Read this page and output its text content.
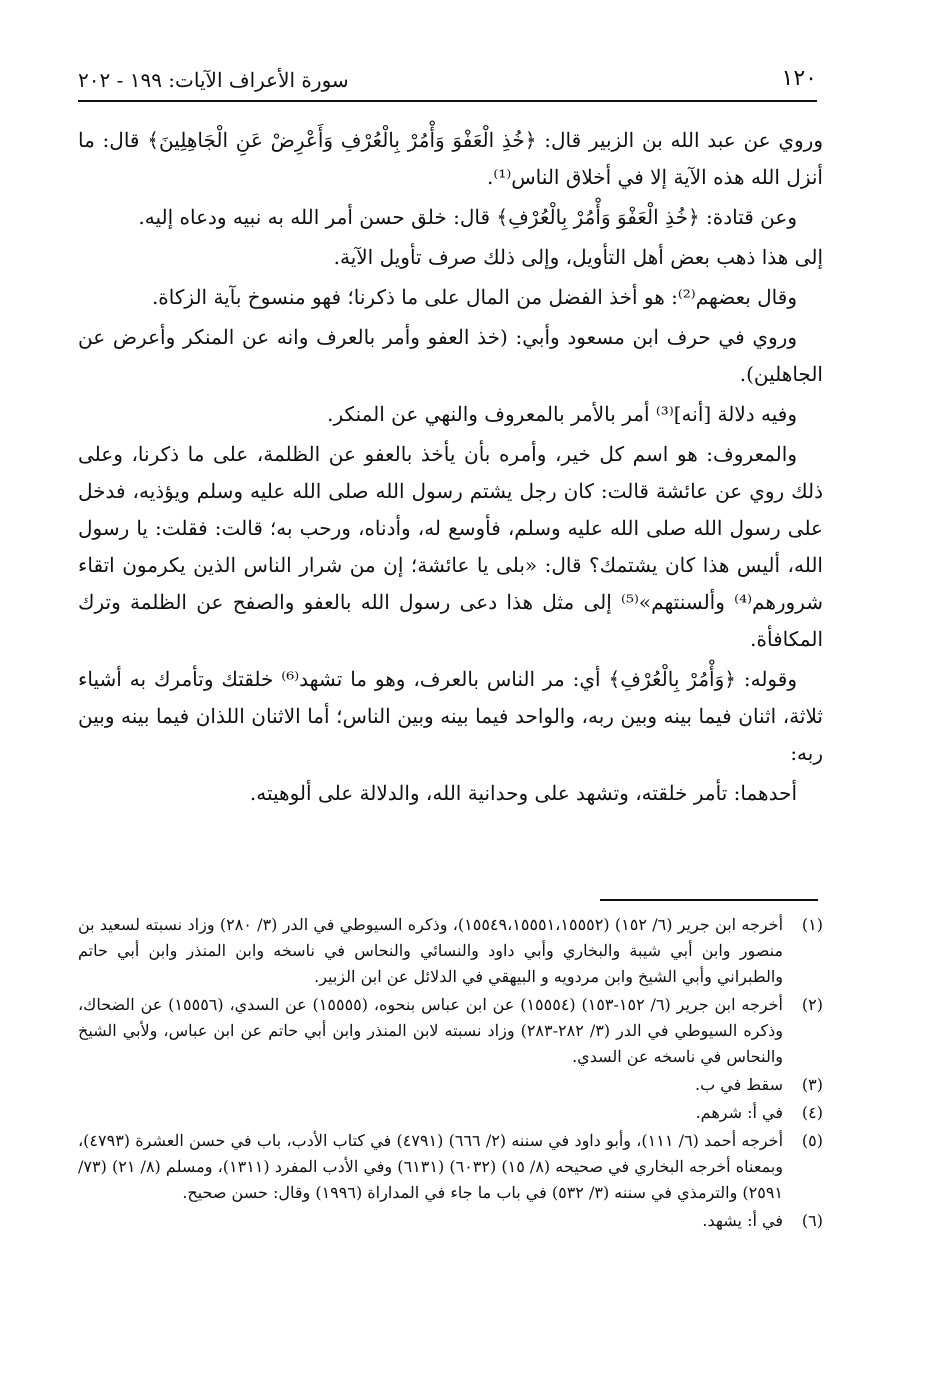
١٢٠
سورة الأعراف الآيات: ١٩٩ - ٢٠٢

وروي عن عبد الله بن الزبير قال: ﴿خُذِ الْعَفْوَ وَأْمُرْ بِالْعُرْفِ وَأَعْرِضْ عَنِ الْجَاهِلِينَ﴾ قال: ما أنزل الله هذه الآية إلا في أخلاق الناس⁽¹⁾.

وعن قتادة: ﴿خُذِ الْعَفْوَ وَأْمُرْ بِالْعُرْفِ﴾ قال: خلق حسن أمر الله به نبيه ودعاه إليه.

إلى هذا ذهب بعض أهل التأويل، وإلى ذلك صرف تأويل الآية.

وقال بعضهم⁽²⁾: هو أخذ الفضل من المال على ما ذكرنا؛ فهو منسوخ بآية الزكاة.

وروي في حرف ابن مسعود وأبي: (خذ العفو وأمر بالعرف وانه عن المنكر وأعرض عن الجاهلين).

وفيه دلالة [أنه]⁽³⁾ أمر بالأمر بالمعروف والنهي عن المنكر.

والمعروف: هو اسم كل خير، وأمره بأن يأخذ بالعفو عن الظلمة، على ما ذكرنا، وعلى ذلك روي عن عائشة قالت: كان رجل يشتم رسول الله صلى الله عليه وسلم ويؤذيه، فدخل على رسول الله صلى الله عليه وسلم، فأوسع له، وأدناه، ورحب به؛ قالت: فقلت: يا رسول الله، أليس هذا كان يشتمك؟ قال: «بلى يا عائشة؛ إن من شرار الناس الذين يكرمون اتقاء شرورهم⁽⁴⁾ وألسنتهم»⁽⁵⁾ إلى مثل هذا دعى رسول الله بالعفو والصفح عن الظلمة وترك المكافأة.

وقوله: ﴿وَأْمُرْ بِالْعُرْفِ﴾ أي: مر الناس بالعرف، وهو ما تشهد⁽⁶⁾ خلقتك وتأمرك به أشياء ثلاثة، اثنان فيما بينه وبين ربه، والواحد فيما بينه وبين الناس؛ أما الاثنان اللذان فيما بينه وبين ربه:

أحدهما: تأمر خلقته، وتشهد على وحدانية الله، والدلالة على ألوهيته.

(١)
أخرجه ابن جرير (٦/ ١٥٢) (١٥٥٤٩،١٥٥٥١،١٥٥٥٢)، وذكره السيوطي في الدر (٣/ ٢٨٠) وزاد نسبته لسعيد بن منصور وابن أبي شيبة والبخاري وأبي داود والنسائي والنحاس في ناسخه وابن المنذر وابن أبي حاتم والطبراني وأبي الشيخ وابن مردويه و البيهقي في الدلائل عن ابن الزبير.
(٢)
أخرجه ابن جرير (٦/ ١٥٢-١٥٣) (١٥٥٥٤) عن ابن عباس بنحوه، (١٥٥٥٥) عن السدي، (١٥٥٥٦) عن الضحاك، وذكره السيوطي في الدر (٣/ ٢٨٢-٢٨٣) وزاد نسبته لابن المنذر وابن أبي حاتم عن ابن عباس، ولأبي الشيخ والنحاس في ناسخه عن السدي.
(٣)
سقط في ب.
(٤)
في أ: شرهم.
(٥)
أخرجه أحمد (٦/ ١١١)، وأبو داود في سننه (٢/ ٦٦٦) (٤٧٩١) في كتاب الأدب، باب في حسن العشرة (٤٧٩٣)، وبمعناه أخرجه البخاري في صحيحه (٨/ ١٥) (٦٠٣٢) (٦١٣١) وفي الأدب المفرد (١٣١١)، ومسلم (٨/ ٢١) (٧٣/ ٢٥٩١) والترمذي في سننه (٣/ ٥٣٢) في باب ما جاء في المداراة (١٩٩٦) وقال: حسن صحيح.
(٦)
في أ: يشهد.
